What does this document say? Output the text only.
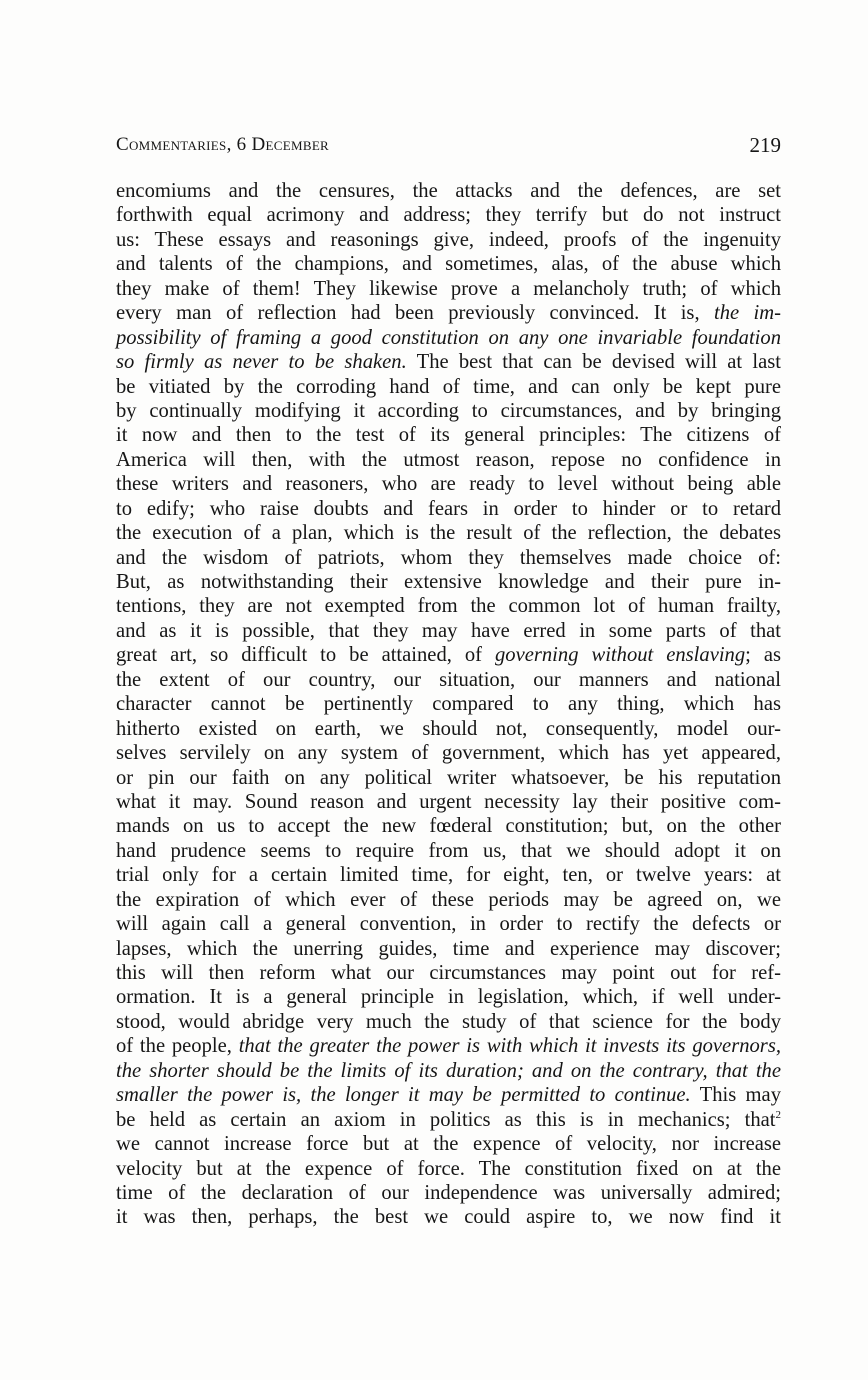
Commentaries, 6 December	219
encomiums and the censures, the attacks and the defences, are set
forthwith equal acrimony and address; they terrify but do not instruct
us: These essays and reasonings give, indeed, proofs of the ingenuity
and talents of the champions, and sometimes, alas, of the abuse which
they make of them! They likewise prove a melancholy truth; of which
every man of reflection had been previously convinced. It is, the im-
possibility of framing a good constitution on any one invariable foundation
so firmly as never to be shaken. The best that can be devised will at last
be vitiated by the corroding hand of time, and can only be kept pure
by continually modifying it according to circumstances, and by bringing
it now and then to the test of its general principles: The citizens of
America will then, with the utmost reason, repose no confidence in
these writers and reasoners, who are ready to level without being able
to edify; who raise doubts and fears in order to hinder or to retard
the execution of a plan, which is the result of the reflection, the debates
and the wisdom of patriots, whom they themselves made choice of:
But, as notwithstanding their extensive knowledge and their pure in-
tentions, they are not exempted from the common lot of human frailty,
and as it is possible, that they may have erred in some parts of that
great art, so difficult to be attained, of governing without enslaving; as
the extent of our country, our situation, our manners and national
character cannot be pertinently compared to any thing, which has
hitherto existed on earth, we should not, consequently, model our-
selves servilely on any system of government, which has yet appeared,
or pin our faith on any political writer whatsoever, be his reputation
what it may. Sound reason and urgent necessity lay their positive com-
mands on us to accept the new fœderal constitution; but, on the other
hand prudence seems to require from us, that we should adopt it on
trial only for a certain limited time, for eight, ten, or twelve years: at
the expiration of which ever of these periods may be agreed on, we
will again call a general convention, in order to rectify the defects or
lapses, which the unerring guides, time and experience may discover;
this will then reform what our circumstances may point out for ref-
ormation. It is a general principle in legislation, which, if well under-
stood, would abridge very much the study of that science for the body
of the people, that the greater the power is with which it invests its governors,
the shorter should be the limits of its duration; and on the contrary, that the
smaller the power is, the longer it may be permitted to continue. This may
be held as certain an axiom in politics as this is in mechanics; that$^2$
we cannot increase force but at the expence of velocity, nor increase
velocity but at the expence of force. The constitution fixed on at the
time of the declaration of our independence was universally admired;
it was then, perhaps, the best we could aspire to, we now find it
